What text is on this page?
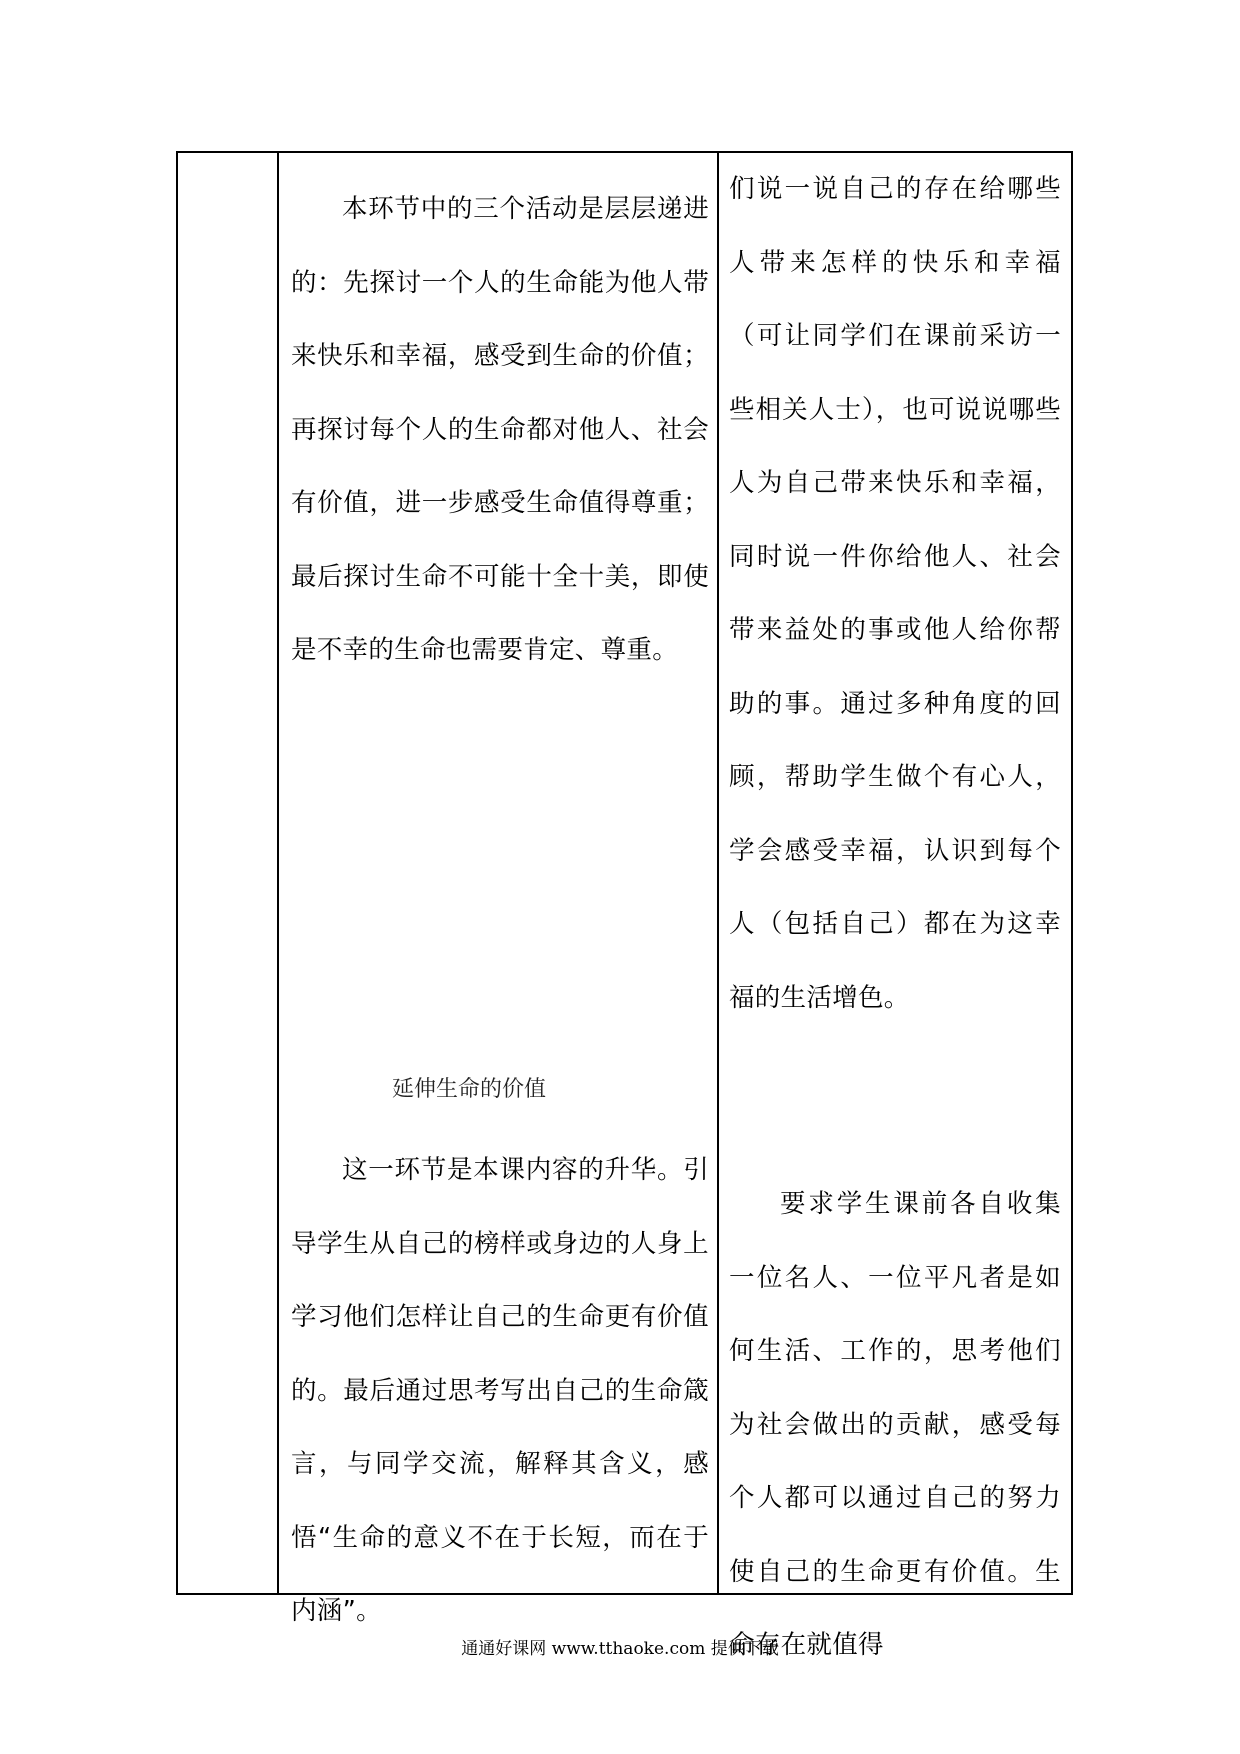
本环节中的三个活动是层层递进的：先探讨一个人的生命能为他人带来快乐和幸福，感受到生命的价值；再探讨每个人的生命都对他人、社会有价值，进一步感受生命值得尊重；最后探讨生命不可能十全十美，即使是不幸的生命也需要肯定、尊重。

延伸生命的价值

这一环节是本课内容的升华。引导学生从自己的榜样或身边的人身上学习他们怎样让自己的生命更有价值的。最后通过思考写出自己的生命箴言，与同学交流，解释其含义，感悟“生命的意义不在于长短，而在于内涵”。

们说一说自己的存在给哪些人带来怎样的快乐和幸福（可让同学们在课前采访一些相关人士），也可说说哪些人为自己带来快乐和幸福，同时说一件你给他人、社会带来益处的事或他人给你帮助的事。通过多种角度的回顾，帮助学生做个有心人，学会感受幸福，认识到每个人（包括自己）都在为这幸福的生活增色。

要求学生课前各自收集一位名人、一位平凡者是如何生活、工作的，思考他们为社会做出的贡献，感受每个人都可以通过自己的努力使自己的生命更有价值。生命存在就值得

通通好课网 www.tthaoke.com 提供下载
